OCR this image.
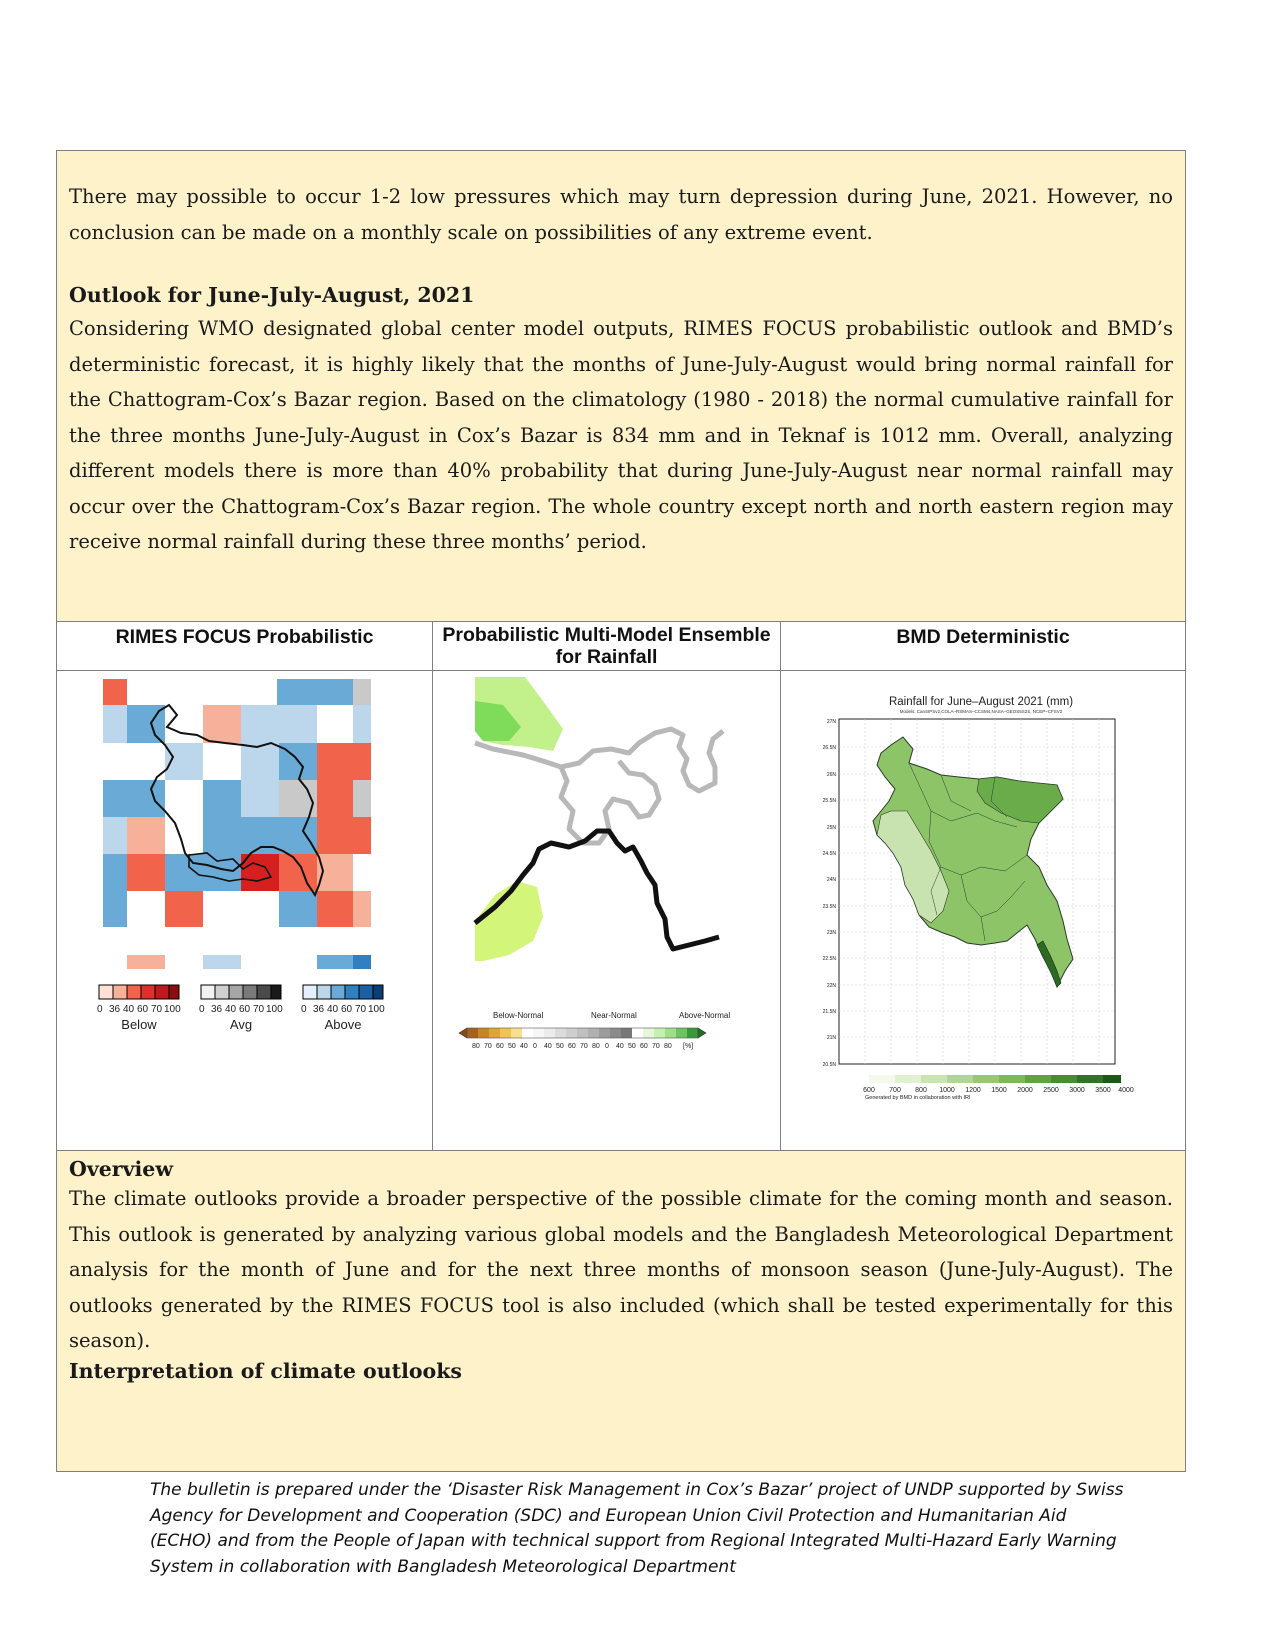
There may possible to occur 1-2 low pressures which may turn depression during June, 2021. However, no conclusion can be made on a monthly scale on possibilities of any extreme event.

Outlook for June-July-August, 2021

Considering WMO designated global center model outputs, RIMES FOCUS probabilistic outlook and BMD’s deterministic forecast, it is highly likely that the months of June-July-August would bring normal rainfall for the Chattogram-Cox’s Bazar region. Based on the climatology (1980 - 2018) the normal cumulative rainfall for the three months June-July-August in Cox’s Bazar is 834 mm and in Teknaf is 1012 mm. Overall, analyzing different models there is more than 40% probability that during June-July-August near normal rainfall may occur over the Chattogram-Cox’s Bazar region. The whole country except north and north eastern region may receive normal rainfall during these three months’ period.

RIMES FOCUS Probabilistic
0 36 40 60 70 100 0 36 40 60 70 100 0 36 40 60 70 100
Below	Avg	Above
Probabilistic Multi-Model Ensemble for Rainfall
Below-Normal	Near-Normal	Above-Normal
80 70 60 50 40 0 40 50 60 70 80 0 40 50 60 70 80 [%]
BMD Deterministic
Rainfall for June–August 2021 (mm)
Models: CanSIPSv2,COLA–RSMAS–CCSM4,NASA–GEOS5S2S, NCEP–CFSV2
27N
26.5N
26N
25.5N
25N
24.5N
24N
23.5N
23N
22.5N
22N
21.5N
21N
20.5N
600 700 800 1000 1200 1500 2000 2500 3000 3500 4000
Generated by BMD in collaboration with IRI

Overview

The climate outlooks provide a broader perspective of the possible climate for the coming month and season. This outlook is generated by analyzing various global models and the Bangladesh Meteorological Department analysis for the month of June and for the next three months of monsoon season (June-July-August). The outlooks generated by the RIMES FOCUS tool is also included (which shall be tested experimentally for this season).

Interpretation of climate outlooks

The bulletin is prepared under the ‘Disaster Risk Management in Cox’s Bazar’ project of UNDP supported by Swiss Agency for Development and Cooperation (SDC) and European Union Civil Protection and Humanitarian Aid (ECHO) and from the People of Japan with technical support from Regional Integrated Multi-Hazard Early Warning System in collaboration with Bangladesh Meteorological Department
